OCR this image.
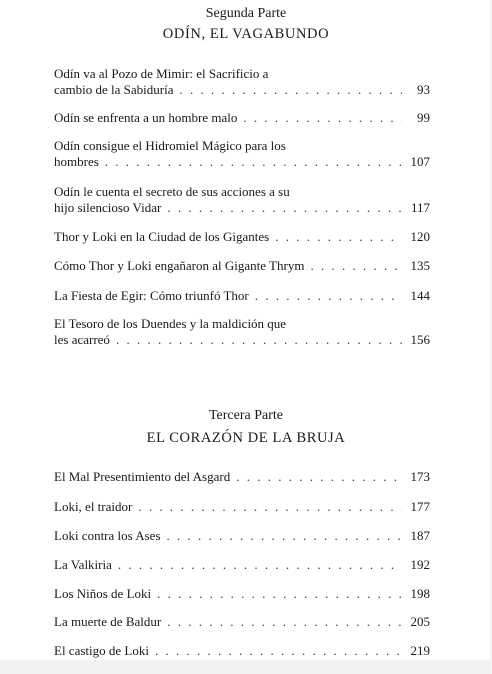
Segunda Parte
ODÍN, EL VAGABUNDO
Odín va al Pozo de Mimir: el Sacrificio a
cambio de la Sabiduría . . .	93
Odín se enfrenta a un hombre malo . . .	99
Odín consigue el Hidromiel Mágico para los
hombres . . .	107
Odín le cuenta el secreto de sus acciones a su
hijo silencioso Vidar . . .	117
Thor y Loki en la Ciudad de los Gigantes . . .	120
Cómo Thor y Loki engañaron al Gigante Thrym . . .	135
La Fiesta de Egir: Cómo triunfó Thor . . .	144
El Tesoro de los Duendes y la maldición que
les acarreó . . .	156
Tercera Parte
EL CORAZÓN DE LA BRUJA
El Mal Presentimiento del Asgard . . .	173
Loki, el traidor . . .	177
Loki contra los Ases . . .	187
La Valkiria . . .	192
Los Niños de Loki . . .	198
La muerte de Baldur . . .	205
El castigo de Loki . . .	219
